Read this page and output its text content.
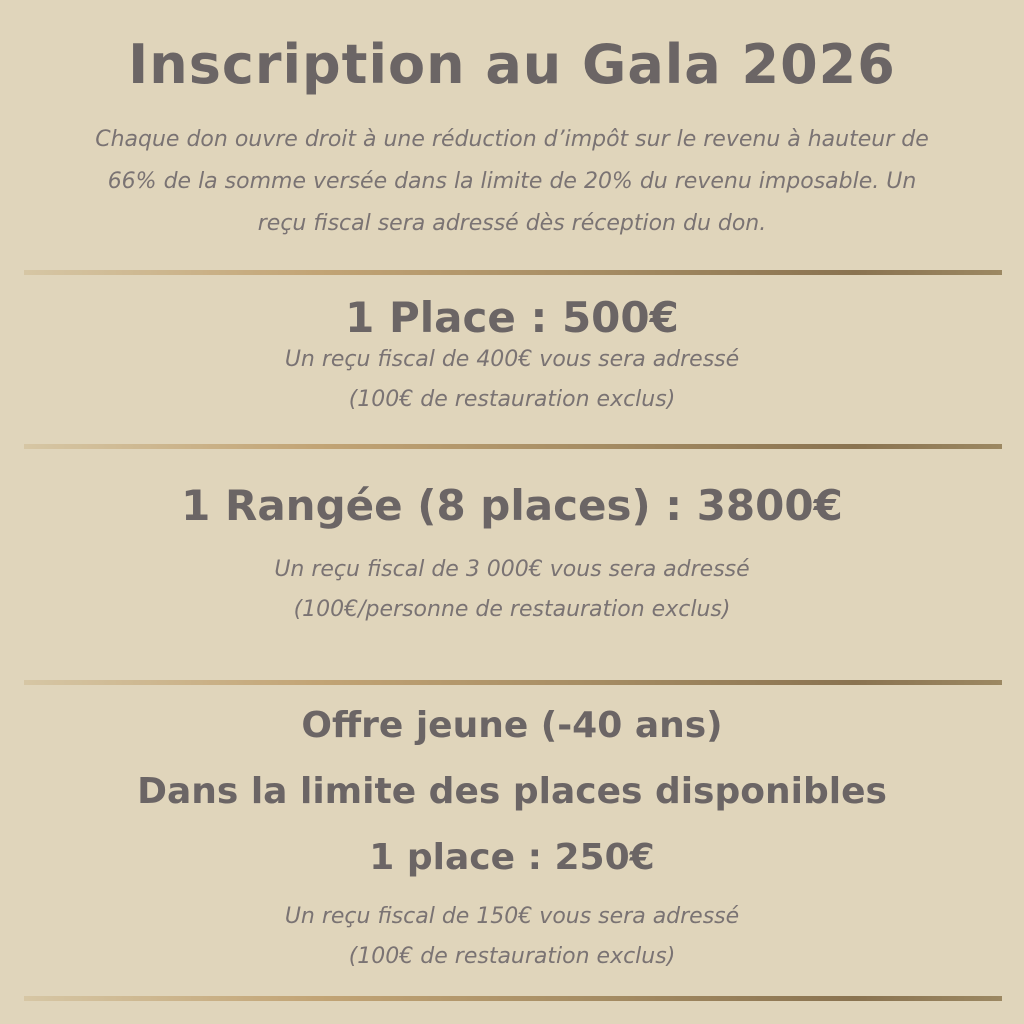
Inscription au Gala 2026
Chaque don ouvre droit à une réduction d’impôt sur le revenu à hauteur de
66% de la somme versée dans la limite de 20% du revenu imposable. Un
reçu fiscal sera adressé dès réception du don.
1 Place : 500€
Un reçu fiscal de 400€ vous sera adressé
(100€ de restauration exclus)
1 Rangée (8 places) : 3800€
Un reçu fiscal de 3 000€ vous sera adressé
(100€/personne de restauration exclus)
Offre jeune (-40 ans)
Dans la limite des places disponibles
1 place : 250€
Un reçu fiscal de 150€ vous sera adressé
(100€ de restauration exclus)
